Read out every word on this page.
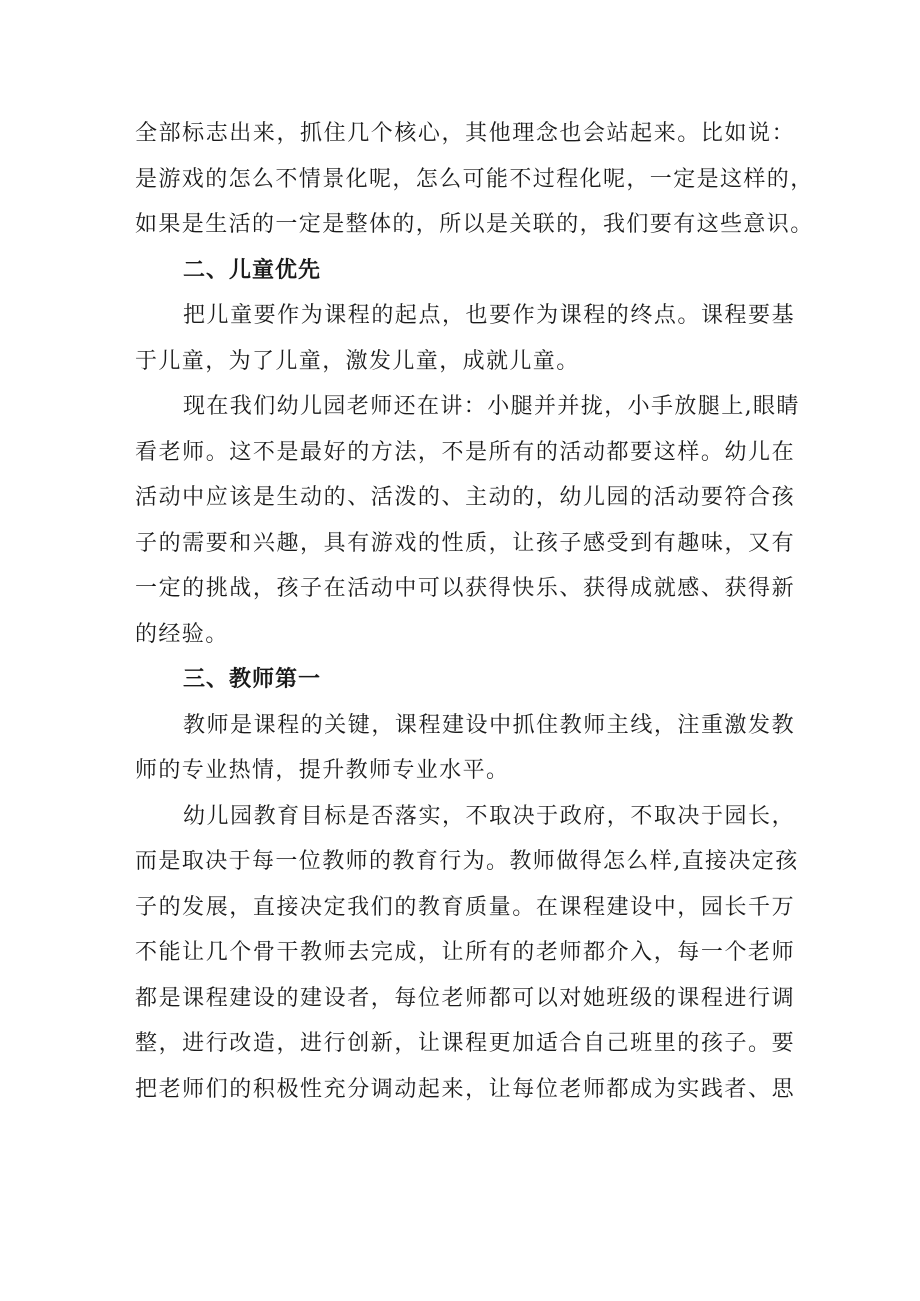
全部标志出来，抓住几个核心，其他理念也会站起来。比如说：
是游戏的怎么不情景化呢，怎么可能不过程化呢，一定是这样的，
如果是生活的一定是整体的，所以是关联的，我们要有这些意识。
二、儿童优先
把儿童要作为课程的起点，也要作为课程的终点。课程要基
于儿童，为了儿童，激发儿童，成就儿童。
现在我们幼儿园老师还在讲：小腿并并拢，小手放腿上,眼睛
看老师。这不是最好的方法，不是所有的活动都要这样。幼儿在
活动中应该是生动的、活泼的、主动的，幼儿园的活动要符合孩
子的需要和兴趣，具有游戏的性质，让孩子感受到有趣味，又有
一定的挑战，孩子在活动中可以获得快乐、获得成就感、获得新
的经验。
三、教师第一
教师是课程的关键，课程建设中抓住教师主线，注重激发教
师的专业热情，提升教师专业水平。
幼儿园教育目标是否落实，不取决于政府，不取决于园长，
而是取决于每一位教师的教育行为。教师做得怎么样,直接决定孩
子的发展，直接决定我们的教育质量。在课程建设中，园长千万
不能让几个骨干教师去完成，让所有的老师都介入，每一个老师
都是课程建设的建设者，每位老师都可以对她班级的课程进行调
整，进行改造，进行创新，让课程更加适合自己班里的孩子。要
把老师们的积极性充分调动起来，让每位老师都成为实践者、思
